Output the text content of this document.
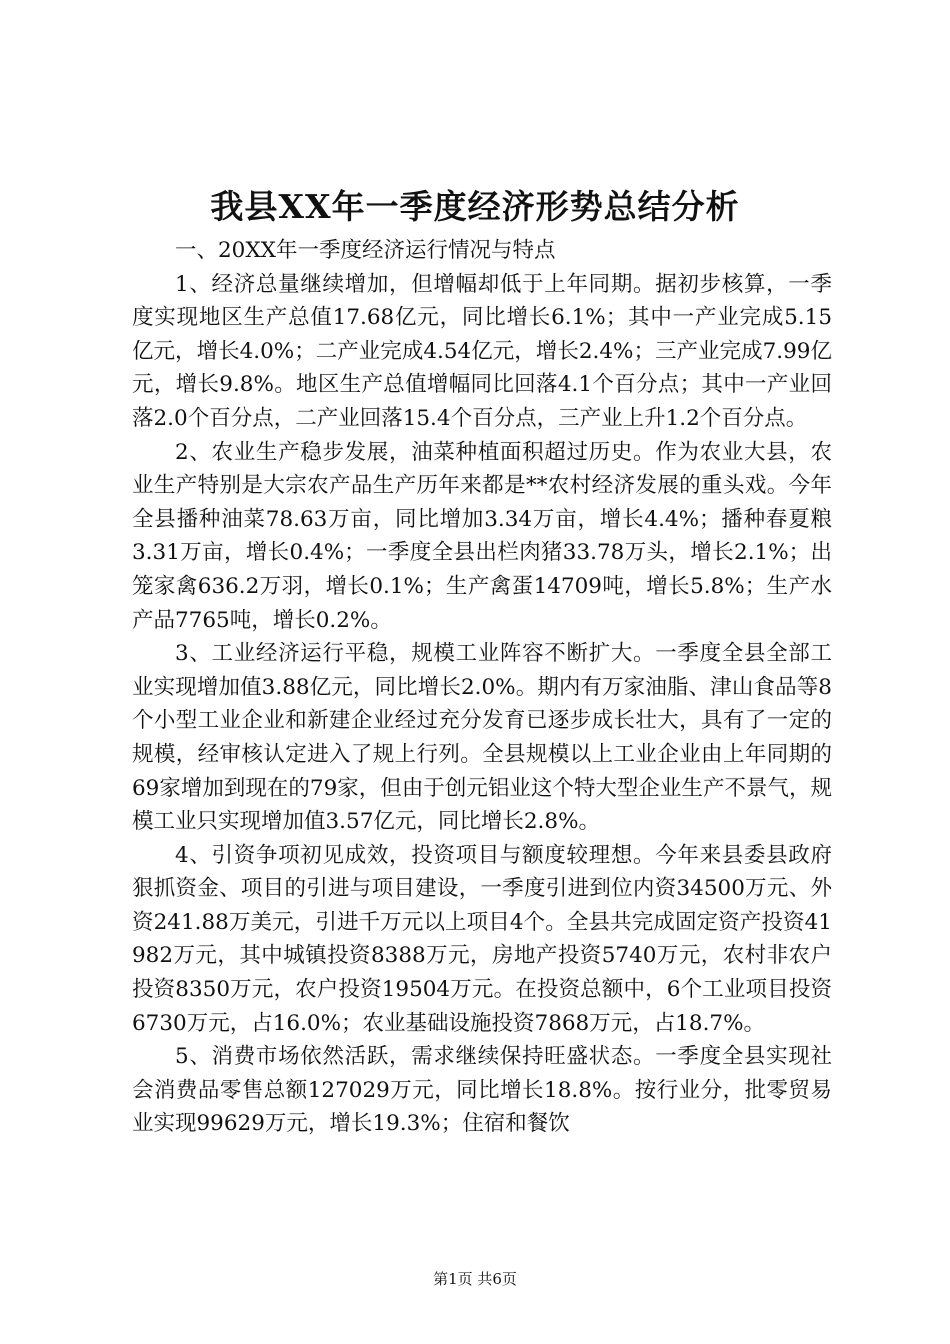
我县XX年一季度经济形势总结分析

一、20XX年一季度经济运行情况与特点

1、经济总量继续增加，但增幅却低于上年同期。据初步核算，一季度实现地区生产总值17.68亿元，同比增长6.1%；其中一产业完成5.15亿元，增长4.0%；二产业完成4.54亿元，增长2.4%；三产业完成7.99亿元，增长9.8%。地区生产总值增幅同比回落4.1个百分点；其中一产业回落2.0个百分点，二产业回落15.4个百分点，三产业上升1.2个百分点。

2、农业生产稳步发展，油菜种植面积超过历史。作为农业大县，农业生产特别是大宗农产品生产历年来都是**农村经济发展的重头戏。今年全县播种油菜78.63万亩，同比增加3.34万亩，增长4.4%；播种春夏粮3.31万亩，增长0.4%；一季度全县出栏肉猪33.78万头，增长2.1%；出笼家禽636.2万羽，增长0.1%；生产禽蛋14709吨，增长5.8%；生产水产品7765吨，增长0.2%。

3、工业经济运行平稳，规模工业阵容不断扩大。一季度全县全部工业实现增加值3.88亿元，同比增长2.0%。期内有万家油脂、津山食品等8个小型工业企业和新建企业经过充分发育已逐步成长壮大，具有了一定的规模，经审核认定进入了规上行列。全县规模以上工业企业由上年同期的69家增加到现在的79家，但由于创元铝业这个特大型企业生产不景气，规模工业只实现增加值3.57亿元，同比增长2.8%。

4、引资争项初见成效，投资项目与额度较理想。今年来县委县政府狠抓资金、项目的引进与项目建设，一季度引进到位内资34500万元、外资241.88万美元，引进千万元以上项目4个。全县共完成固定资产投资41982万元，其中城镇投资8388万元，房地产投资5740万元，农村非农户投资8350万元，农户投资19504万元。在投资总额中，6个工业项目投资6730万元，占16.0%；农业基础设施投资7868万元，占18.7%。

5、消费市场依然活跃，需求继续保持旺盛状态。一季度全县实现社会消费品零售总额127029万元，同比增长18.8%。按行业分，批零贸易业实现99629万元，增长19.3%；住宿和餐饮

第1页 共6页
